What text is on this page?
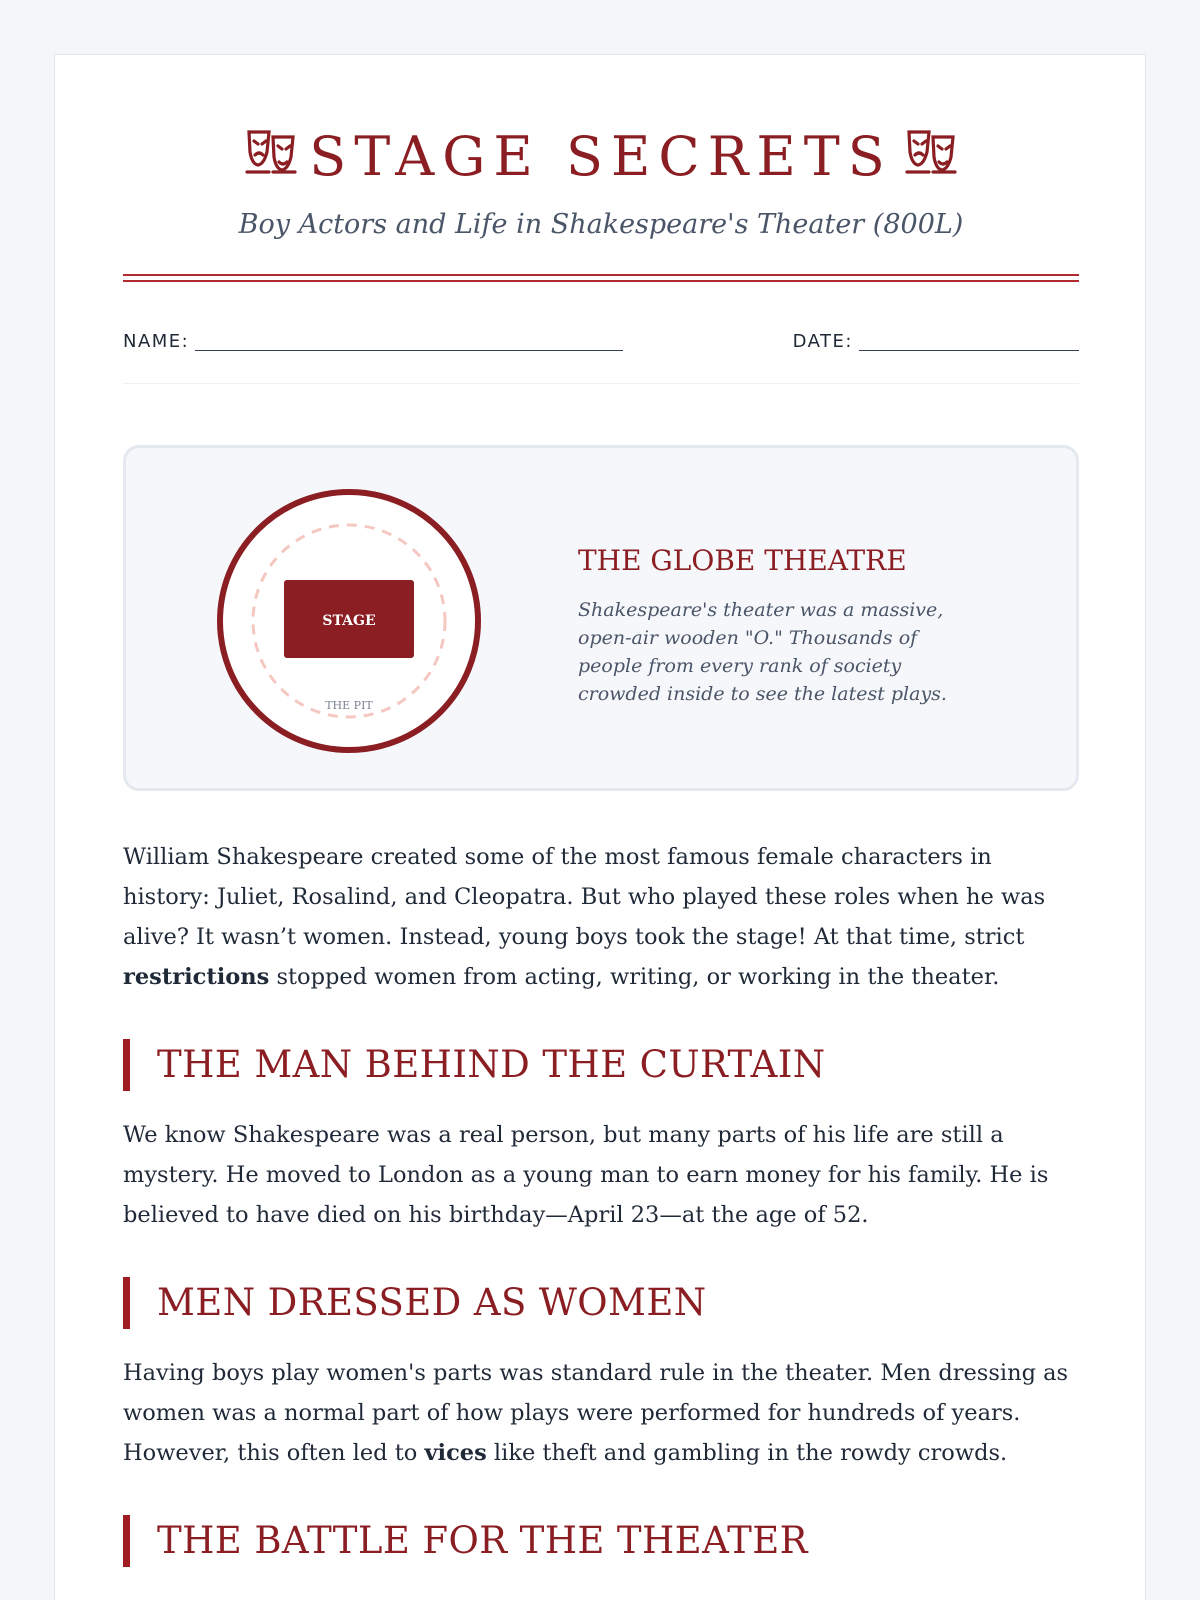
STAGE SECRETS

Boy Actors and Life in Shakespeare's Theater (800L)

NAME:	DATE:
STAGE
THE PIT
THE GLOBE THEATRE

Shakespeare's theater was a massive, open-air wooden "O." Thousands of people from every rank of society crowded inside to see the latest plays.

William Shakespeare created some of the most famous female characters in history: Juliet, Rosalind, and Cleopatra. But who played these roles when he was alive? It wasn’t women. Instead, young boys took the stage! At that time, strict restrictions stopped women from acting, writing, or working in the theater.

THE MAN BEHIND THE CURTAIN

We know Shakespeare was a real person, but many parts of his life are still a mystery. He moved to London as a young man to earn money for his family. He is believed to have died on his birthday—April 23—at the age of 52.

MEN DRESSED AS WOMEN

Having boys play women's parts was standard rule in the theater. Men dressing as women was a normal part of how plays were performed for hundreds of years. However, this often led to vices like theft and gambling in the rowdy crowds.

THE BATTLE FOR THE THEATER
